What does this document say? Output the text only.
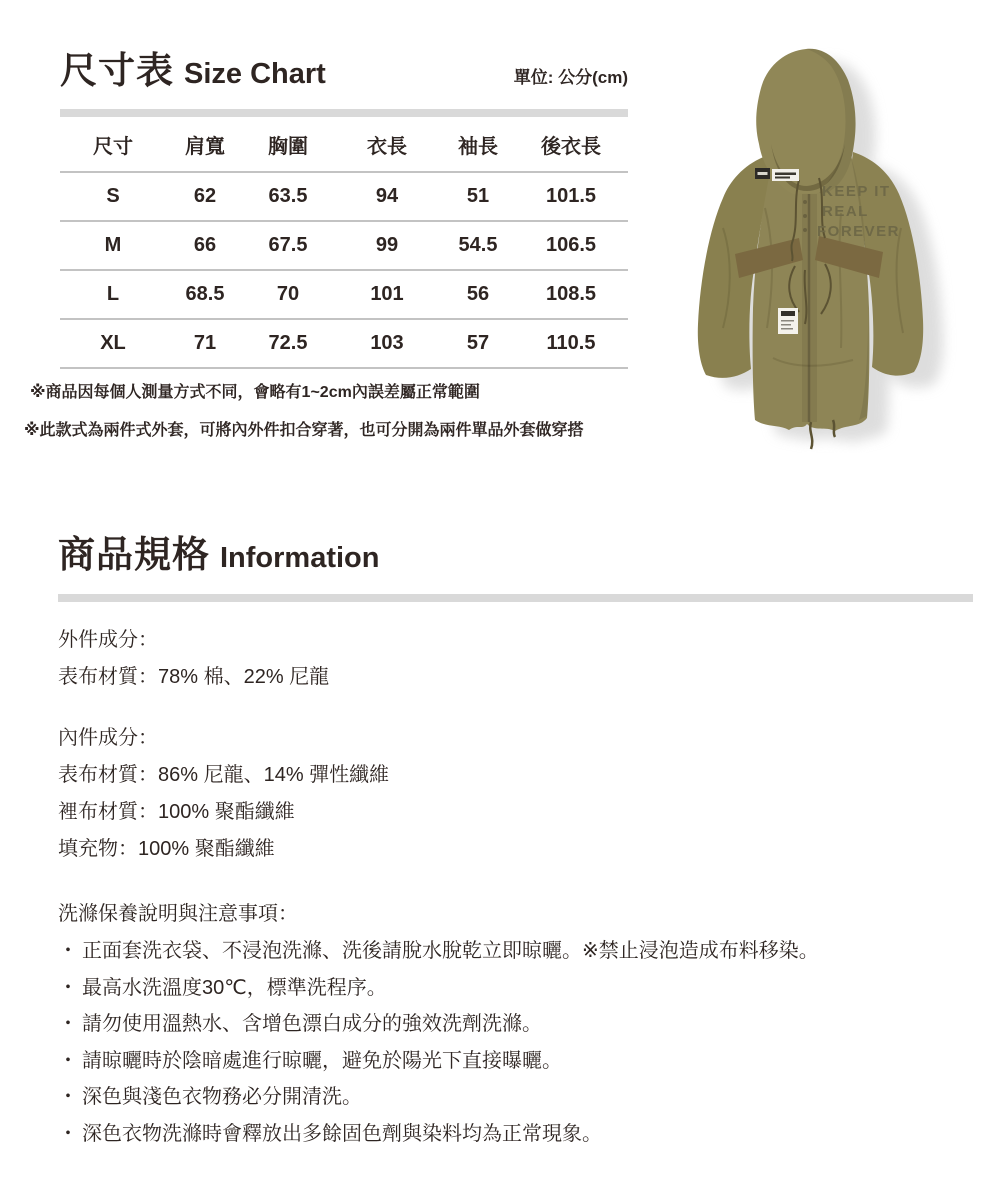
尺寸表 Size Chart	單位: 公分(cm)
尺寸	肩寬	胸圍	衣長	袖長	後衣長
S	62	63.5	94	51	101.5
M	66	67.5	99	54.5	106.5
L	68.5	70	101	56	108.5
XL	71	72.5	103	57	110.5
※商品因每個人測量方式不同，會略有1~2cm內誤差屬正常範圍
※此款式為兩件式外套，可將內外件扣合穿著，也可分開為兩件單品外套做穿搭
KEEP IT
REAL
FOREVER
商品規格 Information
外件成分：
表布材質：78% 棉、22% 尼龍
內件成分：
表布材質：86% 尼龍、14% 彈性纖維
裡布材質：100% 聚酯纖維
填充物：100% 聚酯纖維
洗滌保養說明與注意事項：
・ 正面套洗衣袋、不浸泡洗滌、洗後請脫水脫乾立即晾曬。※禁止浸泡造成布料移染。
・ 最高水洗溫度30℃，標準洗程序。
・ 請勿使用溫熱水、含增色漂白成分的強效洗劑洗滌。
・ 請晾曬時於陰暗處進行晾曬，避免於陽光下直接曝曬。
・ 深色與淺色衣物務必分開清洗。
・ 深色衣物洗滌時會釋放出多餘固色劑與染料均為正常現象。
